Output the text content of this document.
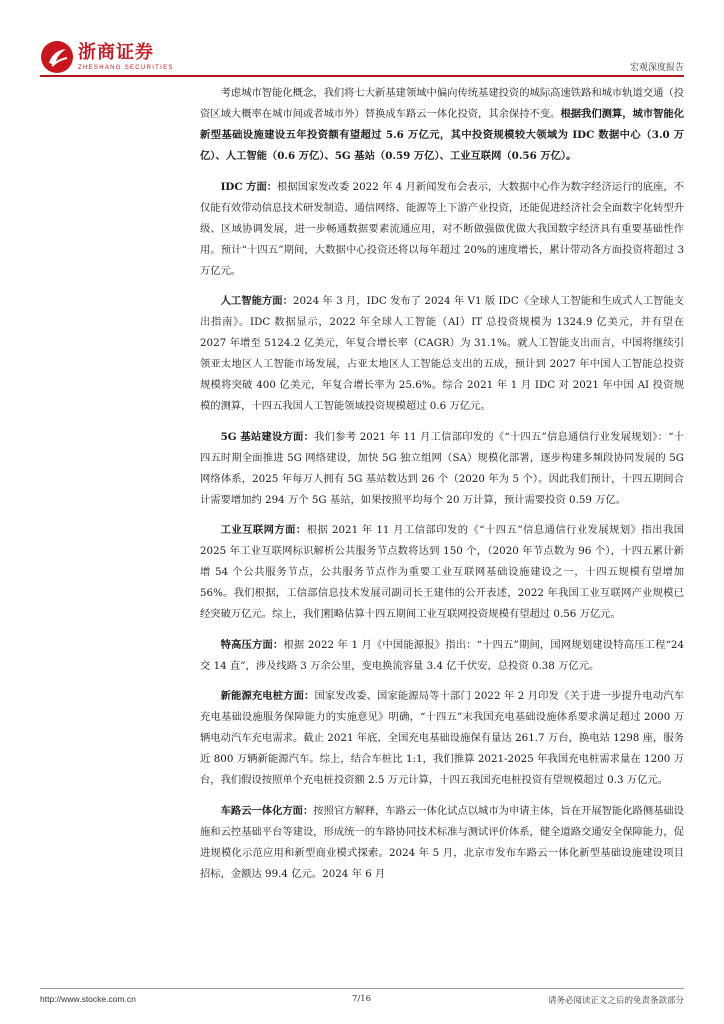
浙商证券
ZHESHANG SECURITIES	宏观深度报告

考虑城市智能化概念，我们将七大新基建领域中偏向传统基建投资的城际高速铁路和城市轨道交通（投资区域大概率在城市间或者城市外）替换成车路云一体化投资，其余保持不变。根据我们测算，城市智能化新型基础设施建设五年投资额有望超过 5.6 万亿元，其中投资规模较大领域为 IDC 数据中心（3.0 万亿）、人工智能（0.6 万亿）、5G 基站（0.59 万亿）、工业互联网（0.56 万亿）。

IDC 方面：根据国家发改委 2022 年 4 月新闻发布会表示，大数据中心作为数字经济运行的底座，不仅能有效带动信息技术研发制造、通信网络、能源等上下游产业投资，还能促进经济社会全面数字化转型升级、区域协调发展，进一步畅通数据要素流通应用，对不断做强做优做大我国数字经济具有重要基础性作用。预计“十四五”期间，大数据中心投资还将以每年超过 20%的速度增长，累计带动各方面投资将超过 3 万亿元。

人工智能方面：2024 年 3 月，IDC 发布了 2024 年 V1 版 IDC《全球人工智能和生成式人工智能支出指南》。IDC 数据显示，2022 年全球人工智能（AI）IT 总投资规模为 1324.9 亿美元，并有望在 2027 年增至 5124.2 亿美元，年复合增长率（CAGR）为 31.1%。就人工智能支出而言，中国将继续引领亚太地区人工智能市场发展，占亚太地区人工智能总支出的五成，预计到 2027 年中国人工智能总投资规模将突破 400 亿美元，年复合增长率为 25.6%。综合 2021 年 1 月 IDC 对 2021 年中国 AI 投资规模的测算，十四五我国人工智能领域投资规模超过 0.6 万亿元。

5G 基站建设方面：我们参考 2021 年 11 月工信部印发的《“十四五”信息通信行业发展规划》：“十四五时期全面推进 5G 网络建设，加快 5G 独立组网（SA）规模化部署，逐步构建多频段协同发展的 5G 网络体系，2025 年每万人拥有 5G 基站数达到 26 个（2020 年为 5 个）。因此我们预计，十四五期间合计需要增加约 294 万个 5G 基站，如果按照平均每个 20 万计算，预计需要投资 0.59 万亿。

工业互联网方面：根据 2021 年 11 月工信部印发的《“十四五”信息通信行业发展规划》指出我国 2025 年工业互联网标识解析公共服务节点数将达到 150 个，（2020 年节点数为 96 个），十四五累计新增 54 个公共服务节点，公共服务节点作为重要工业互联网基础设施建设之一，十四五规模有望增加 56%。我们根据，工信部信息技术发展司副司长王建伟的公开表述，2022 年我国工业互联网产业规模已经突破万亿元。综上，我们粗略估算十四五期间工业互联网投资规模有望超过 0.56 万亿元。

特高压方面：根据 2022 年 1 月《中国能源报》指出：“十四五”期间，国网规划建设特高压工程“24 交 14 直”，涉及线路 3 万余公里，变电换流容量 3.4 亿千伏安，总投资 0.38 万亿元。

新能源充电桩方面：国家发改委、国家能源局等十部门 2022 年 2 月印发《关于进一步提升电动汽车充电基础设施服务保障能力的实施意见》明确，“十四五”末我国充电基础设施体系要求满足超过 2000 万辆电动汽车充电需求。截止 2021 年底，全国充电基础设施保有量达 261.7 万台，换电站 1298 座，服务近 800 万辆新能源汽车。综上，结合车桩比 1:1，我们推算 2021-2025 年我国充电桩需求量在 1200 万台，我们假设按照单个充电桩投资额 2.5 万元计算，十四五我国充电桩投资有望规模超过 0.3 万亿元。

车路云一体化方面：按照官方解释，车路云一体化试点以城市为申请主体，旨在开展智能化路侧基础设施和云控基础平台等建设，形成统一的车路协同技术标准与测试评价体系，健全道路交通安全保障能力，促进规模化示范应用和新型商业模式探索。2024 年 5 月，北京市发布车路云一体化新型基础设施建设项目招标，金额达 99.4 亿元。2024 年 6 月

http://www.stocke.com.cn	7/16	请务必阅读正文之后的免责条款部分
